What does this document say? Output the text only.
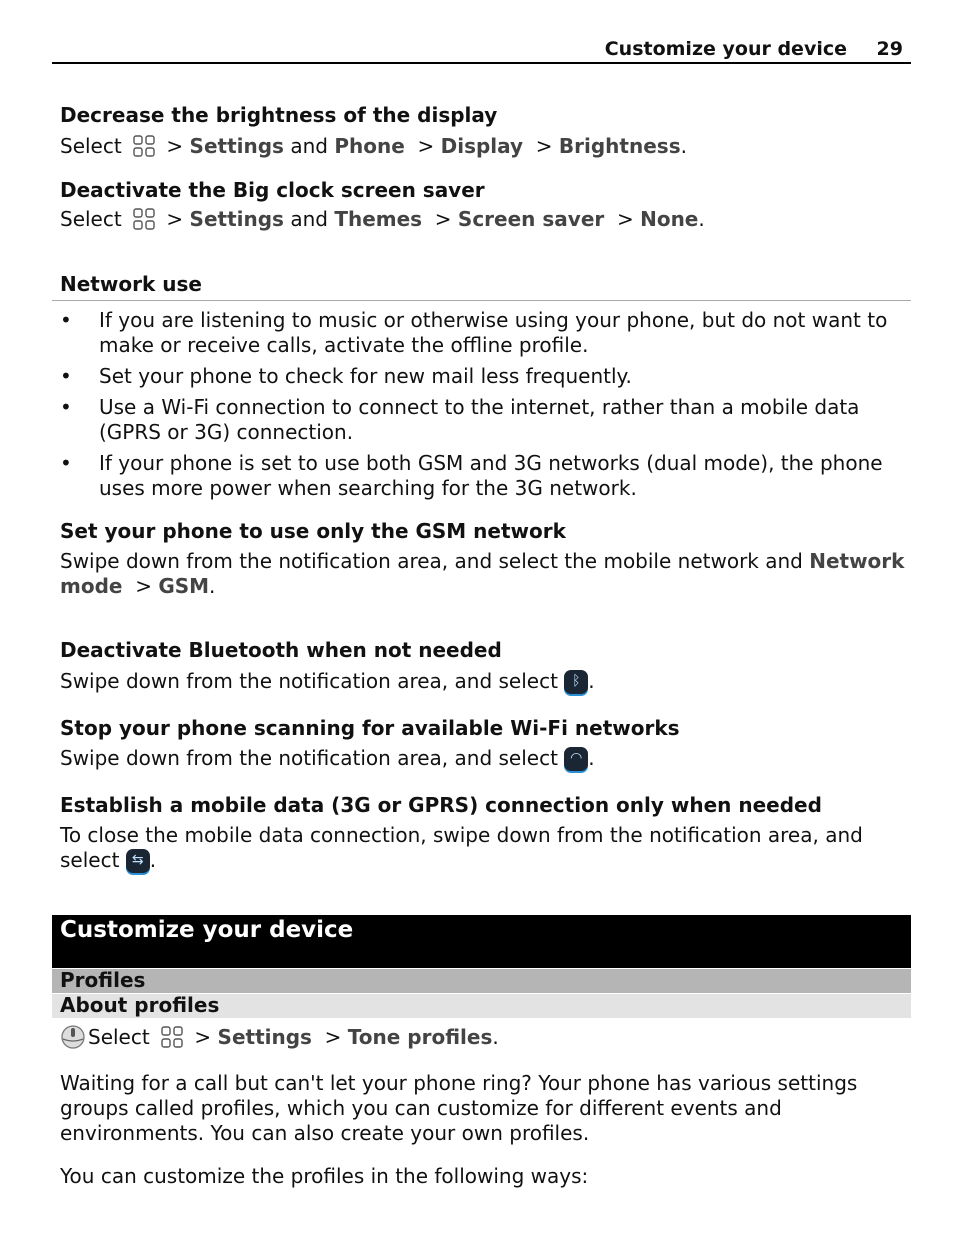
Customize your device 29
Decrease the brightness of the display
Select > Settings and Phone > Display > Brightness.
Deactivate the Big clock screen saver
Select > Settings and Themes > Screen saver > None.
Network use
• If you are listening to music or otherwise using your phone, but do not want to make or receive calls, activate the offline profile.
• Set your phone to check for new mail less frequently.
• Use a Wi-Fi connection to connect to the internet, rather than a mobile data (GPRS or 3G) connection.
• If your phone is set to use both GSM and 3G networks (dual mode), the phone uses more power when searching for the 3G network.
Set your phone to use only the GSM network
Swipe down from the notification area, and select the mobile network and Network mode > GSM.
Deactivate Bluetooth when not needed
Swipe down from the notification area, and select	ᛒ .
Stop your phone scanning for available Wi-Fi networks
Swipe down from the notification area, and select ◠ .
Establish a mobile data (3G or GPRS) connection only when needed
To close the mobile data connection, swipe down from the notification area, and select ⇆ .
Customize your device
Profiles
About profiles
Select > Settings > Tone profiles.
Waiting for a call but can't let your phone ring? Your phone has various settings groups called profiles, which you can customize for different events and environments. You can also create your own profiles.
You can customize the profiles in the following ways:
